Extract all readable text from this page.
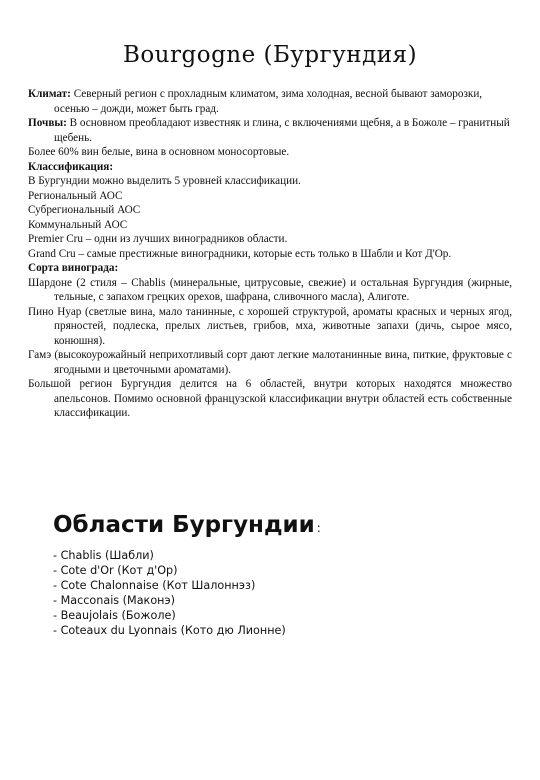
Bourgogne (Бургундия)

Климат: Северный регион с прохладным климатом, зима холодная, весной бывают заморозки, осенью – дожди, может быть град.

Почвы: В основном преобладают известняк и глина, с включениями щебня, а в Божоле – гранитный щебень.

Более 60% вин белые, вина в основном моносортовые.

Классификация:

В Бургундии можно выделить 5 уровней классификации.

Региональный АОС

Субрегиональный АОС

Коммунальный АОС

Premier Cru – одни из лучших виноградников области.

Grand Cru – самые престижные виноградники, которые есть только в Шабли и Кот Д'Ор.

Сорта винограда:

Шардоне (2 стиля – Chablis (минеральные, цитрусовые, свежие) и остальная Бургундия (жирные, тельные, с запахом грецких орехов, шафрана, сливочного масла), Алиготе.

Пино Нуар (светлые вина, мало танинные, с хорошей структурой, ароматы красных и черных ягод, пряностей, подлеска, прелых листьев, грибов, мха, животные запахи (дичь, сырое мясо, конюшня).

Гамэ (высокоурожайный неприхотливый сорт дают легкие малотанинные вина, питкие, фруктовые с ягодными и цветочными ароматами).

Большой регион Бургундия делится на 6 областей, внутри которых находятся множество апельсонов. Помимо основной французской классификации внутри областей есть собственные классификации.

Области Бургундии :
- Chablis (Шабли)
- Cote d'Or (Кот д'Ор)
- Cote Chalonnaise (Кот Шалоннэз)
- Macconais (Маконэ)
- Beaujolais (Божоле)
- Coteaux du Lyonnais (Кото дю Лионне)
